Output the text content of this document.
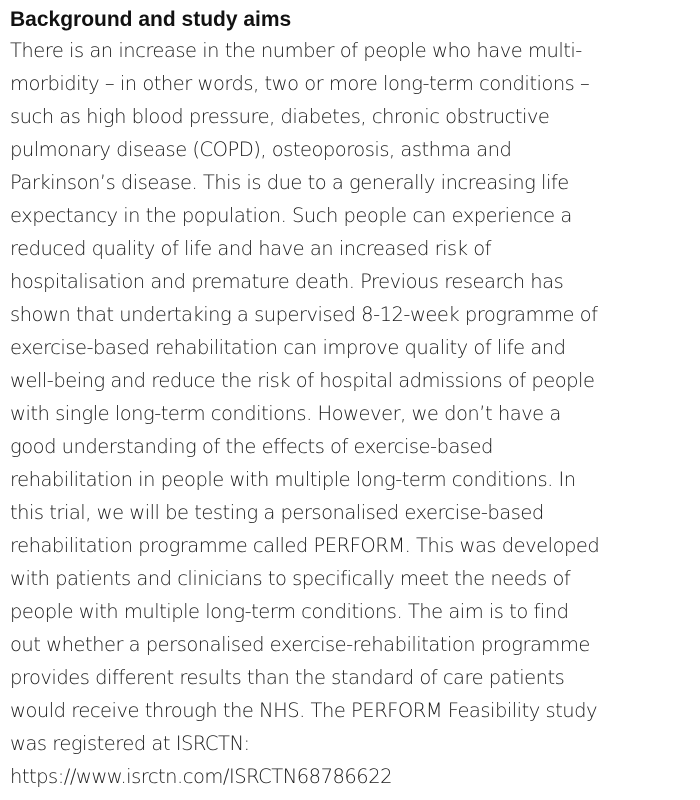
Background and study aims

There is an increase in the number of people who have multi-
morbidity – in other words, two or more long-term conditions –
such as high blood pressure, diabetes, chronic obstructive
pulmonary disease (COPD), osteoporosis, asthma and
Parkinson’s disease. This is due to a generally increasing life
expectancy in the population. Such people can experience a
reduced quality of life and have an increased risk of
hospitalisation and premature death. Previous research has
shown that undertaking a supervised 8-12-week programme of
exercise-based rehabilitation can improve quality of life and
well-being and reduce the risk of hospital admissions of people
with single long-term conditions. However, we don’t have a
good understanding of the effects of exercise-based
rehabilitation in people with multiple long-term conditions. In
this trial, we will be testing a personalised exercise-based
rehabilitation programme called PERFORM. This was developed
with patients and clinicians to specifically meet the needs of
people with multiple long-term conditions. The aim is to find
out whether a personalised exercise-rehabilitation programme
provides different results than the standard of care patients
would receive through the NHS. The PERFORM Feasibility study
was registered at ISRCTN:
https://www.isrctn.com/ISRCTN68786622
